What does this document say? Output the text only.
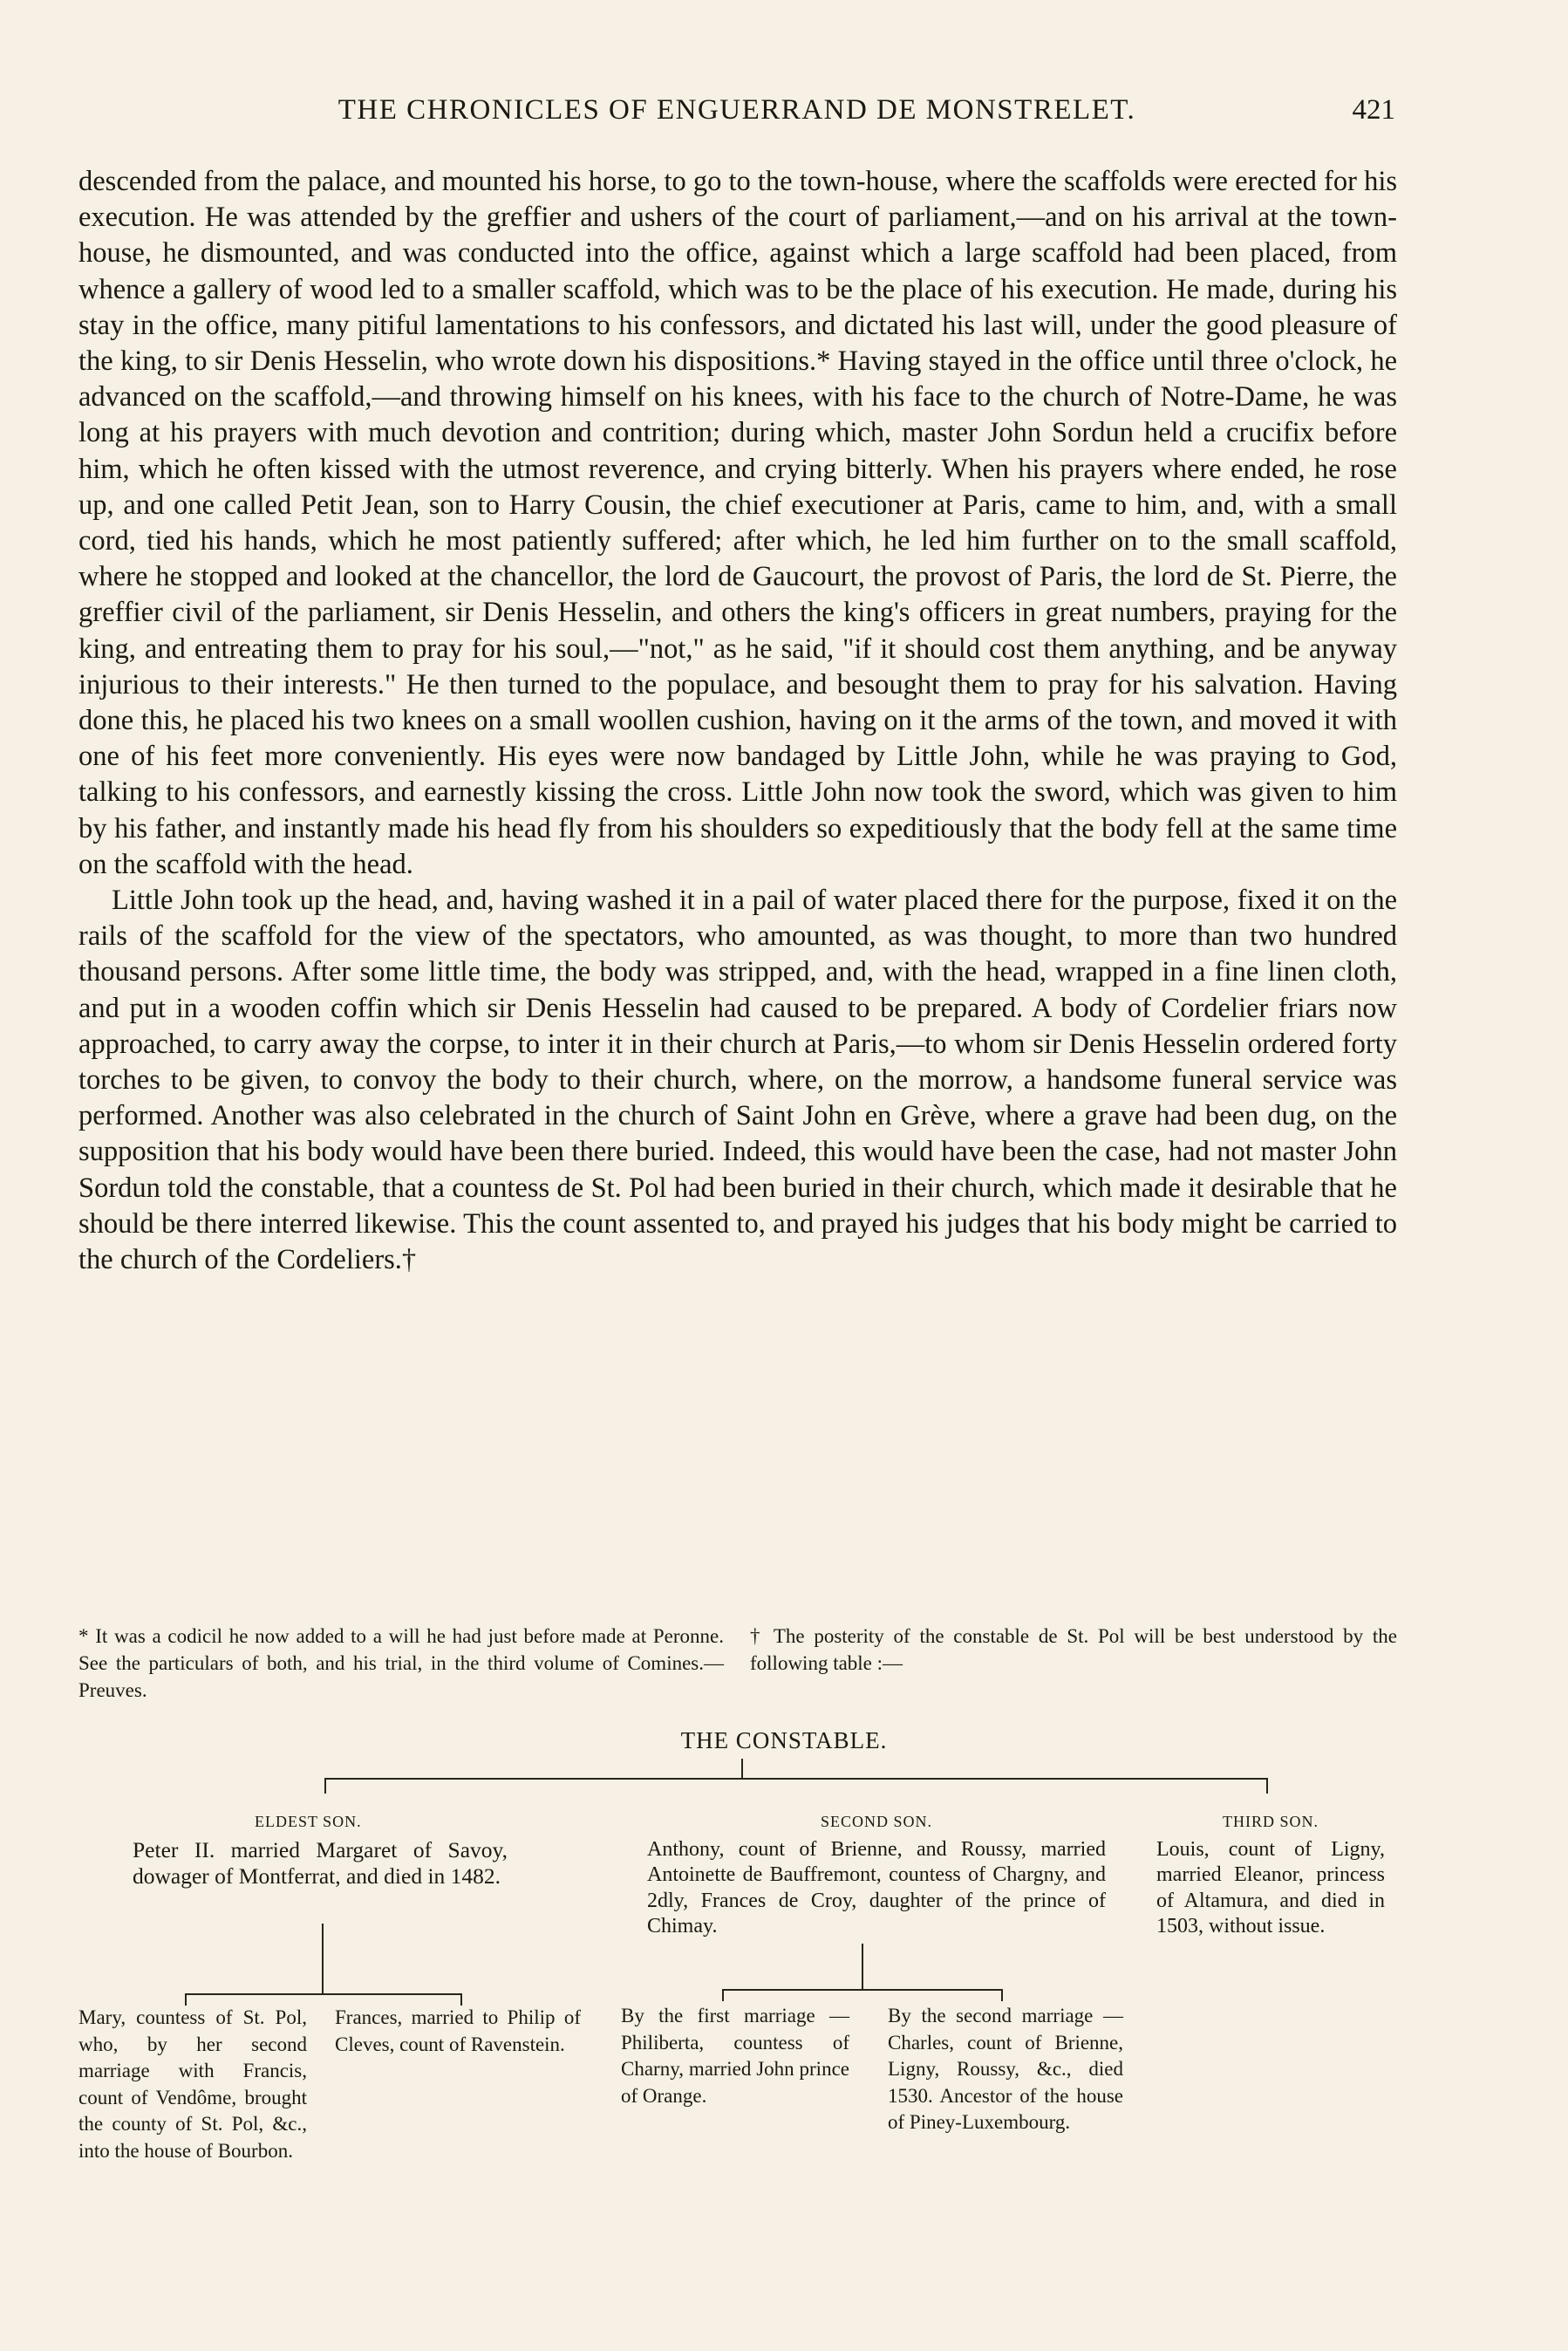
THE CHRONICLES OF ENGUERRAND DE MONSTRELET.	421

descended from the palace, and mounted his horse, to go to the town-house, where the scaffolds were erected for his execution. He was attended by the greffier and ushers of the court of parliament,—and on his arrival at the town-house, he dismounted, and was conducted into the office, against which a large scaffold had been placed, from whence a gallery of wood led to a smaller scaffold, which was to be the place of his execution. He made, during his stay in the office, many pitiful lamentations to his confessors, and dictated his last will, under the good pleasure of the king, to sir Denis Hesselin, who wrote down his dispositions.* Having stayed in the office until three o'clock, he advanced on the scaffold,—and throwing himself on his knees, with his face to the church of Notre-Dame, he was long at his prayers with much devotion and contrition; during which, master John Sordun held a crucifix before him, which he often kissed with the utmost reverence, and crying bitterly. When his prayers where ended, he rose up, and one called Petit Jean, son to Harry Cousin, the chief executioner at Paris, came to him, and, with a small cord, tied his hands, which he most patiently suffered; after which, he led him further on to the small scaffold, where he stopped and looked at the chancellor, the lord de Gaucourt, the provost of Paris, the lord de St. Pierre, the greffier civil of the parliament, sir Denis Hesselin, and others the king's officers in great numbers, praying for the king, and entreating them to pray for his soul,—"not," as he said, "if it should cost them anything, and be anyway injurious to their interests." He then turned to the populace, and besought them to pray for his salvation. Having done this, he placed his two knees on a small woollen cushion, having on it the arms of the town, and moved it with one of his feet more conveniently. His eyes were now bandaged by Little John, while he was praying to God, talking to his confessors, and earnestly kissing the cross. Little John now took the sword, which was given to him by his father, and instantly made his head fly from his shoulders so expeditiously that the body fell at the same time on the scaffold with the head.

Little John took up the head, and, having washed it in a pail of water placed there for the purpose, fixed it on the rails of the scaffold for the view of the spectators, who amounted, as was thought, to more than two hundred thousand persons. After some little time, the body was stripped, and, with the head, wrapped in a fine linen cloth, and put in a wooden coffin which sir Denis Hesselin had caused to be prepared. A body of Cordelier friars now approached, to carry away the corpse, to inter it in their church at Paris,—to whom sir Denis Hesselin ordered forty torches to be given, to convoy the body to their church, where, on the morrow, a handsome funeral service was performed. Another was also celebrated in the church of Saint John en Grève, where a grave had been dug, on the supposition that his body would have been there buried. Indeed, this would have been the case, had not master John Sordun told the constable, that a countess de St. Pol had been buried in their church, which made it desirable that he should be there interred likewise. This the count assented to, and prayed his judges that his body might be carried to the church of the Cordeliers.†

* It was a codicil he now added to a will he had just before made at Peronne. See the particulars of both, and his trial, in the third volume of Comines.—Preuves.
† The posterity of the constable de St. Pol will be best understood by the following table :—
THE CONSTABLE.
ELDEST SON.
Peter II. married Margaret of Savoy, dowager of Montferrat, and died in 1482.
SECOND SON.
Anthony, count of Brienne, and Roussy, married Antoinette de Bauffremont, countess of Chargny, and 2dly, Frances de Croy, daughter of the prince of Chimay.
THIRD SON.
Louis, count of Ligny, married Eleanor, princess of Altamura, and died in 1503, without issue.
Mary, countess of St. Pol, who, by her second marriage with Francis, count of Vendôme, brought the county of St. Pol, &c., into the house of Bourbon.
Frances, married to Philip of Cleves, count of Ravenstein.
By the first marriage —Philiberta, countess of Charny, married John prince of Orange.
By the second marriage — Charles, count of Brienne, Ligny, Roussy, &c., died 1530. Ancestor of the house of Piney-Luxembourg.
